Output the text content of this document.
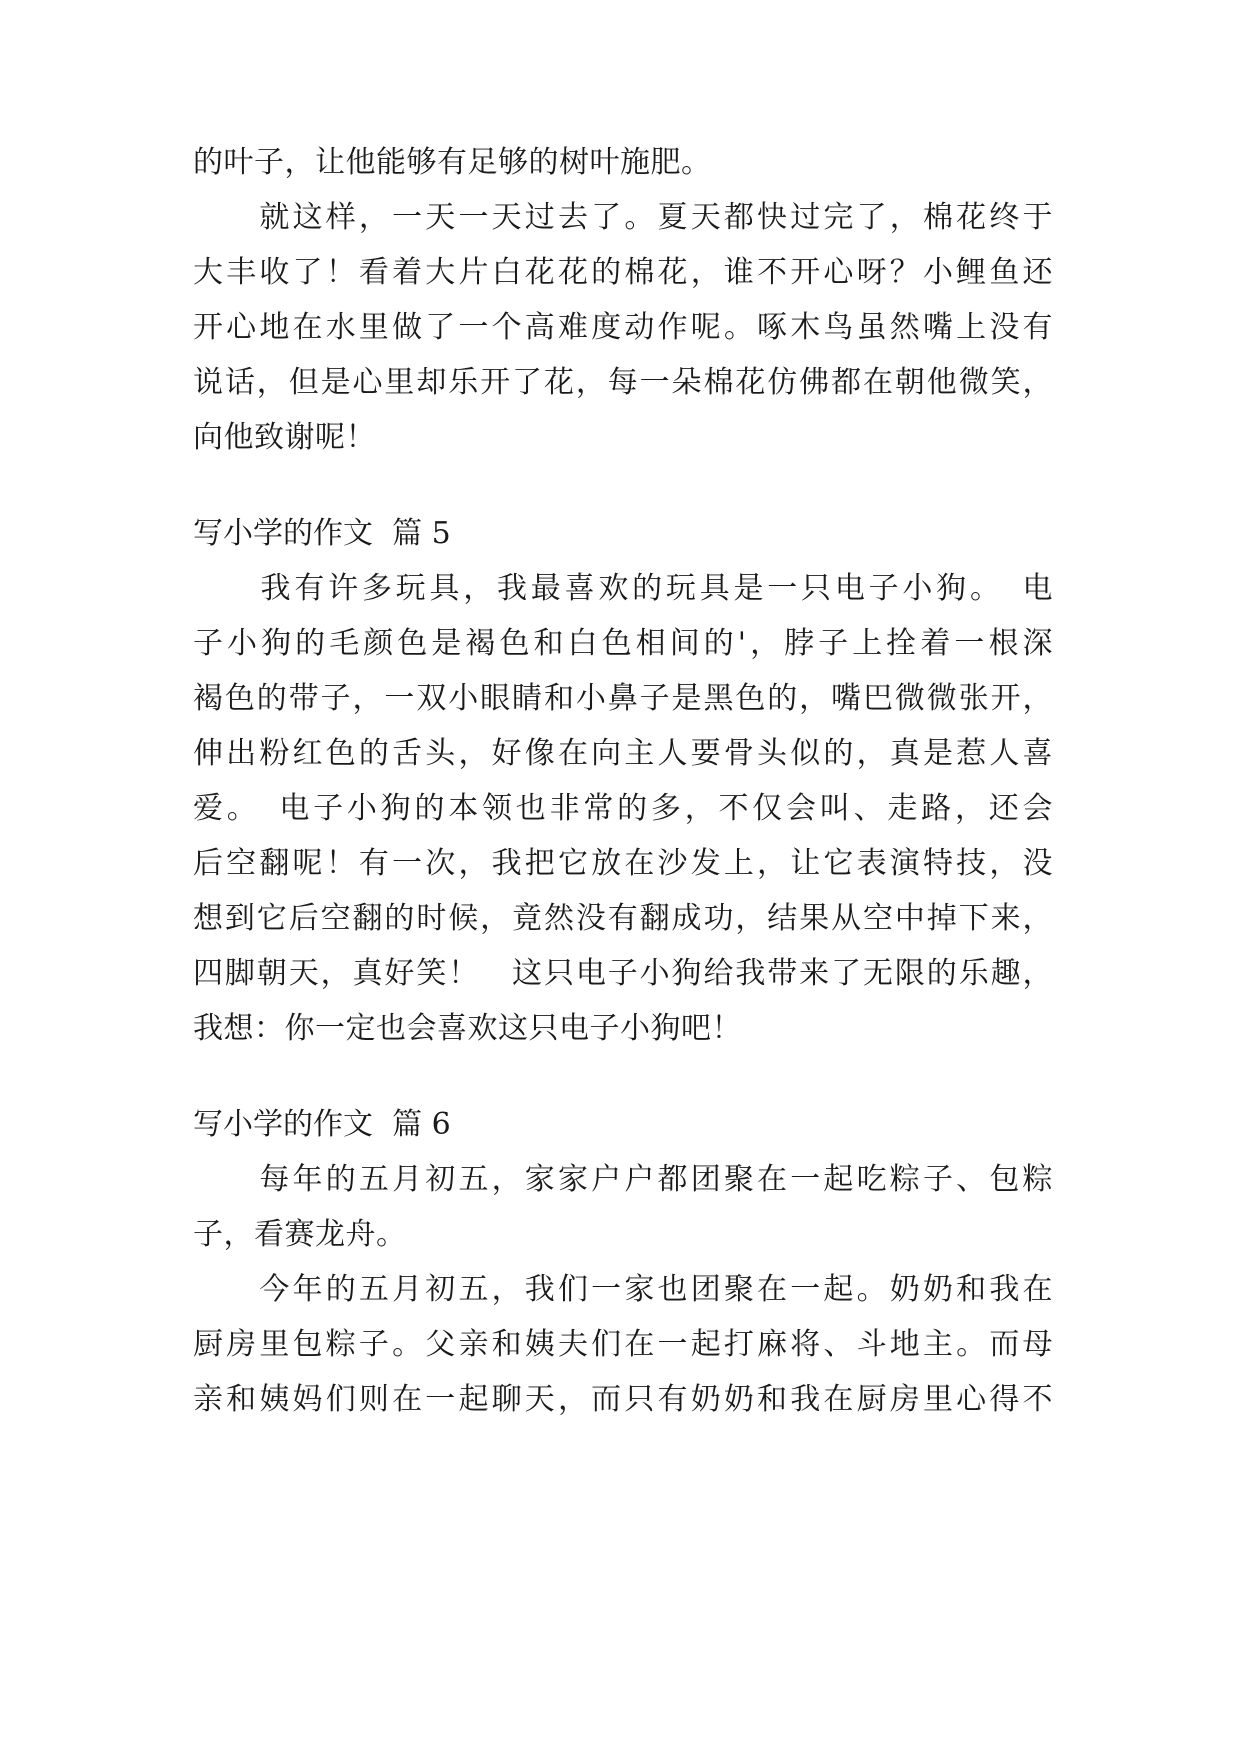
的叶子，让他能够有足够的树叶施肥。
　　就这样，一天一天过去了。夏天都快过完了，棉花终于
大丰收了！看着大片白花花的棉花，谁不开心呀？小鲤鱼还
开心地在水里做了一个高难度动作呢。啄木鸟虽然嘴上没有
说话，但是心里却乐开了花，每一朵棉花仿佛都在朝他微笑，
向他致谢呢！
写小学的作文  篇 5
　　我有许多玩具，我最喜欢的玩具是一只电子小狗。　电
子小狗的毛颜色是褐色和白色相间的'，脖子上拴着一根深
褐色的带子，一双小眼睛和小鼻子是黑色的，嘴巴微微张开，
伸出粉红色的舌头，好像在向主人要骨头似的，真是惹人喜
爱。　电子小狗的本领也非常的多，不仅会叫、走路，还会
后空翻呢！有一次，我把它放在沙发上，让它表演特技，没
想到它后空翻的时候，竟然没有翻成功，结果从空中掉下来，
四脚朝天，真好笑！　这只电子小狗给我带来了无限的乐趣，
我想：你一定也会喜欢这只电子小狗吧！
写小学的作文  篇 6
　　每年的五月初五，家家户户都团聚在一起吃粽子、包粽
子，看赛龙舟。
　　今年的五月初五，我们一家也团聚在一起。奶奶和我在
厨房里包粽子。父亲和姨夫们在一起打麻将、斗地主。而母
亲和姨妈们则在一起聊天，而只有奶奶和我在厨房里心得不
